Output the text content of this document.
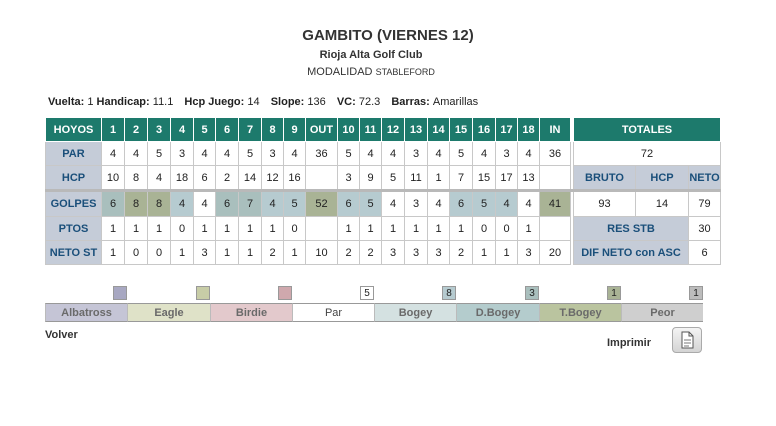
GAMBITO (VIERNES 12)
Rioja Alta Golf Club
MODALIDAD STABLEFORD
Vuelta: 1 Handicap: 11.1 Hcp Juego: 14 Slope: 136 VC: 72.3 Barras: Amarillas
HOYOS	1	2	3	4	5	6	7	8	9	OUT	10	11	12	13	14	15	16	17	18	IN		TOTALES		
PAR	4	4	5	3	4	4	5	3	4	36	5	4	4	3	4	5	4	3	4	36		72		
HCP	10	8	4	18	6	2	14	12	16		3	9	5	11	1	7	15	17	13			BRUTO	HCP	NETO
GOLPES	6	8	8	4	4	6	7	4	5	52	6	5	4	3	4	6	5	4	4	41		93	14	79
PTOS	1	1	1	0	1	1	1	1	0		1	1	1	1	1	1	0	0	1			RES STB		30
NETO ST	1	0	0	1	3	1	1	2	1	10	2	2	3	3	3	2	1	1	3	20		DIF NETO con ASC		6
Albatross	Eagle	Birdie
5
Par
8
Bogey
3
D.Bogey
1
T.Bogey
1
Peor
Volver
Imprimir
